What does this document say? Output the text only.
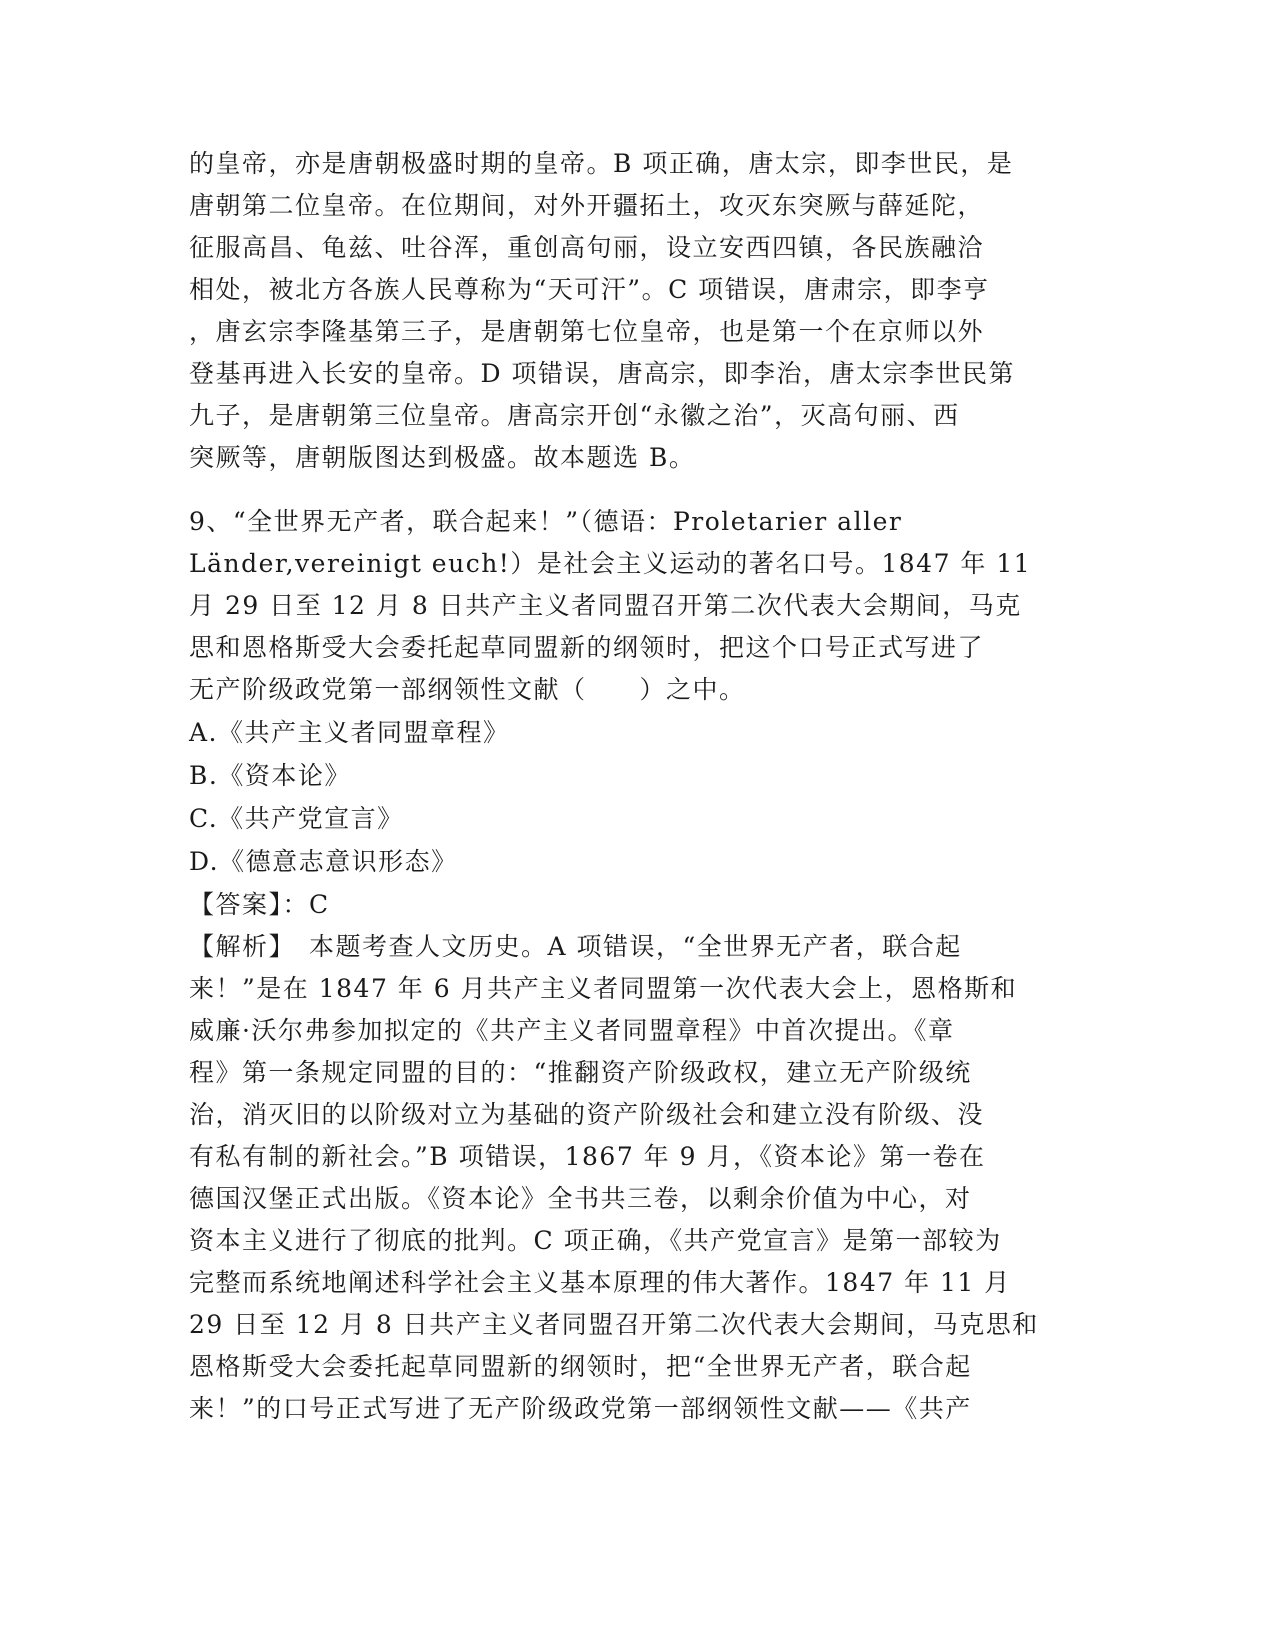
的皇帝，亦是唐朝极盛时期的皇帝。B 项正确，唐太宗，即李世民，是
唐朝第二位皇帝。在位期间，对外开疆拓土，攻灭东突厥与薛延陀，
征服高昌、龟兹、吐谷浑，重创高句丽，设立安西四镇，各民族融洽
相处，被北方各族人民尊称为“天可汗”。C 项错误，唐肃宗，即李亨
，唐玄宗李隆基第三子，是唐朝第七位皇帝，也是第一个在京师以外
登基再进入长安的皇帝。D 项错误，唐高宗，即李治，唐太宗李世民第
九子，是唐朝第三位皇帝。唐高宗开创“永徽之治”，灭高句丽、西
突厥等，唐朝版图达到极盛。故本题选 B。
9、“全世界无产者，联合起来！”（德语：Proletarier aller
Länder,vereinigt euch!）是社会主义运动的著名口号。1847 年 11
月 29 日至 12 月 8 日共产主义者同盟召开第二次代表大会期间，马克
思和恩格斯受大会委托起草同盟新的纲领时，把这个口号正式写进了
无产阶级政党第一部纲领性文献（　　）之中。
A.《共产主义者同盟章程》
B.《资本论》
C.《共产党宣言》
D.《德意志意识形态》
【答案】：C
【解析】　本题考查人文历史。A 项错误，“全世界无产者，联合起
来！”是在 1847 年 6 月共产主义者同盟第一次代表大会上，恩格斯和
威廉·沃尔弗参加拟定的《共产主义者同盟章程》中首次提出。《章
程》第一条规定同盟的目的：“推翻资产阶级政权，建立无产阶级统
治，消灭旧的以阶级对立为基础的资产阶级社会和建立没有阶级、没
有私有制的新社会。”B 项错误，1867 年 9 月，《资本论》第一卷在
德国汉堡正式出版。《资本论》全书共三卷，以剩余价值为中心，对
资本主义进行了彻底的批判。C 项正确，《共产党宣言》是第一部较为
完整而系统地阐述科学社会主义基本原理的伟大著作。1847 年 11 月
29 日至 12 月 8 日共产主义者同盟召开第二次代表大会期间，马克思和
恩格斯受大会委托起草同盟新的纲领时，把“全世界无产者，联合起
来！”的口号正式写进了无产阶级政党第一部纲领性文献——《共产
